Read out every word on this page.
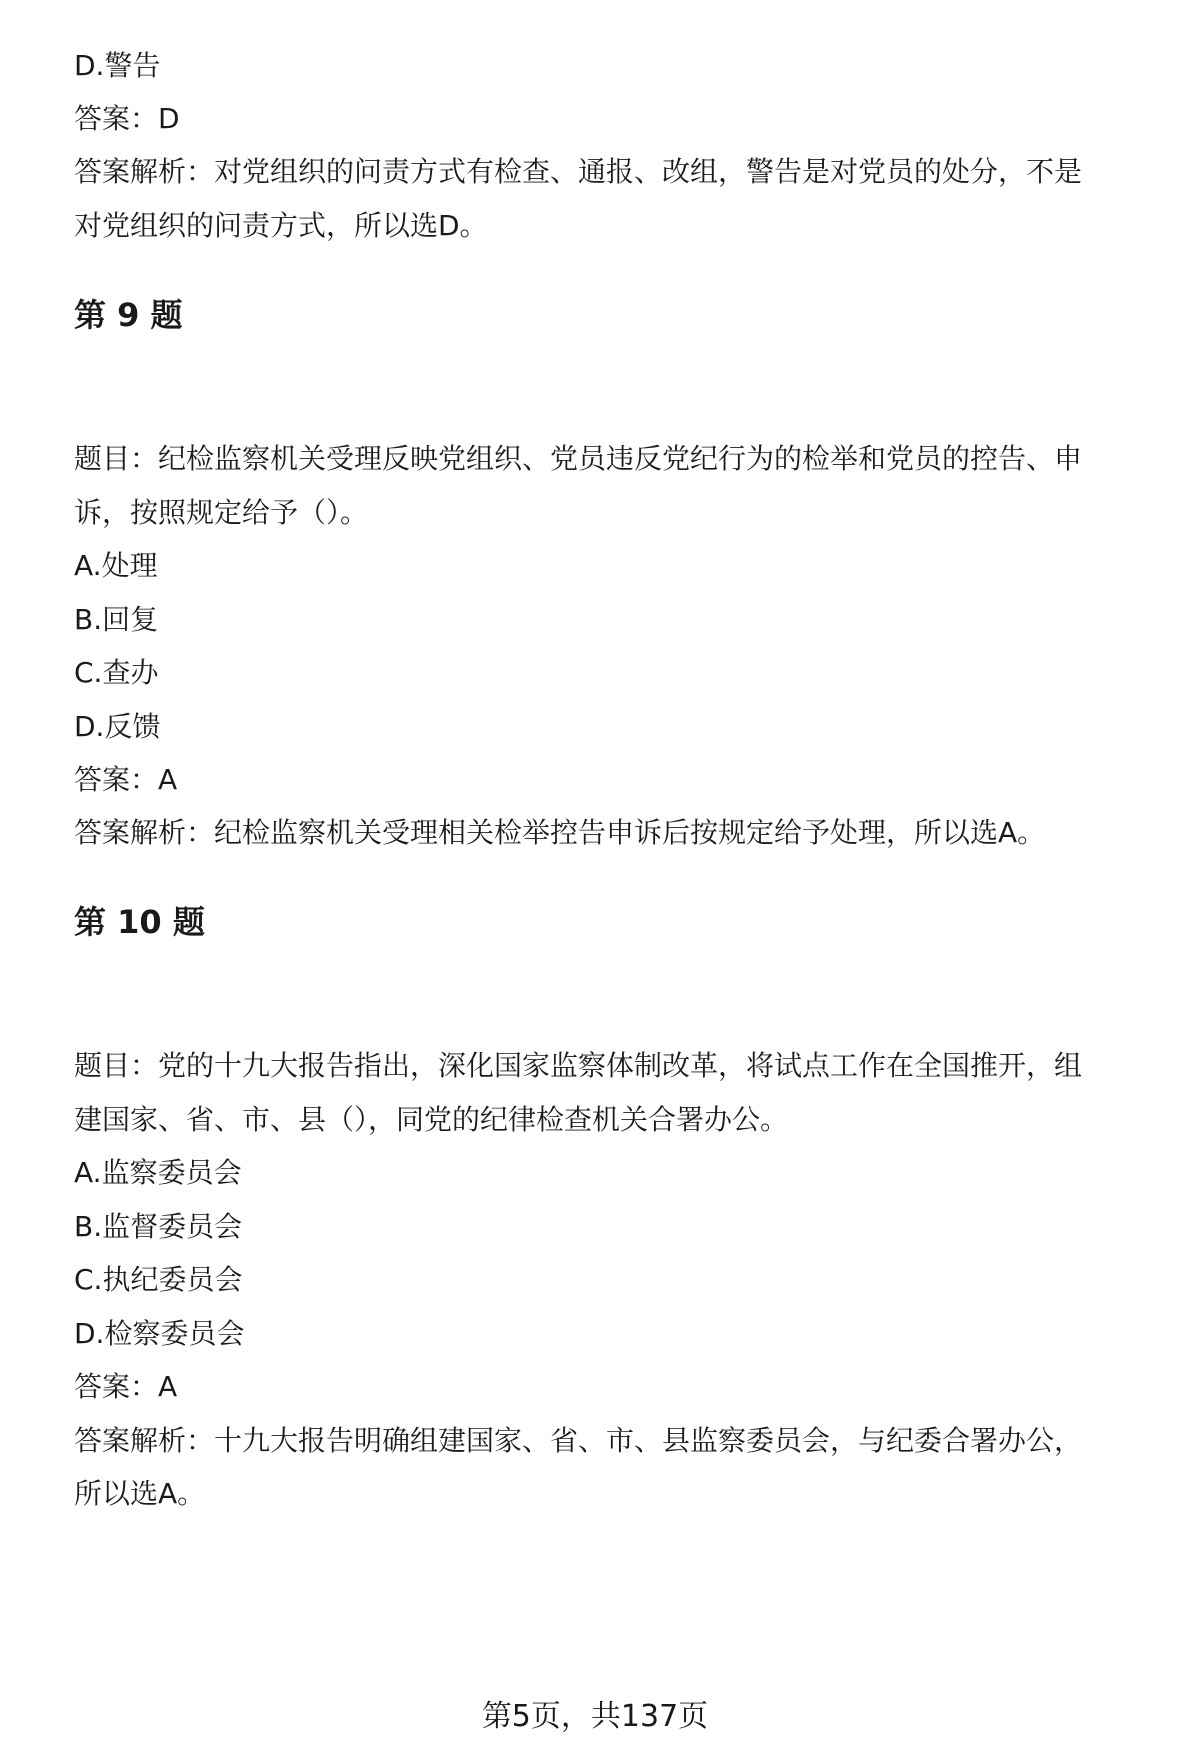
D.警告
答案：D
答案解析：对党组织的问责方式有检查、通报、改组，警告是对党员的处分，不是
对党组织的问责方式，所以选D。
第 9 题
题目：纪检监察机关受理反映党组织、党员违反党纪行为的检举和党员的控告、申
诉，按照规定给予（）。
A.处理
B.回复
C.查办
D.反馈
答案：A
答案解析：纪检监察机关受理相关检举控告申诉后按规定给予处理，所以选A。
第 10 题
题目：党的十九大报告指出，深化国家监察体制改革，将试点工作在全国推开，组
建国家、省、市、县（），同党的纪律检查机关合署办公。
A.监察委员会
B.监督委员会
C.执纪委员会
D.检察委员会
答案：A
答案解析：十九大报告明确组建国家、省、市、县监察委员会，与纪委合署办公，
所以选A。
第5页，共137页
